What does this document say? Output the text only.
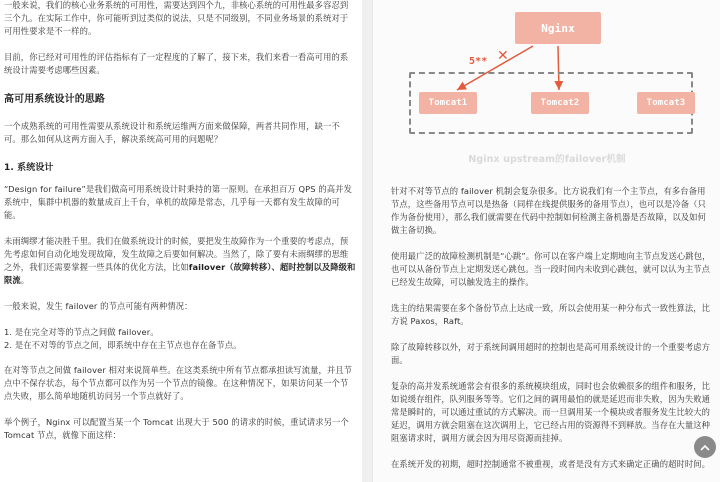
一般来说，我们的核心业务系统的可用性，需要达到四个九，非核心系统的可用性最多容忍到三个九。在实际工作中，你可能听到过类似的说法，只是不同级别，不同业务场景的系统对于可用性要求是不一样的。

目前，你已经对可用性的评估指标有了一定程度的了解了，接下来，我们来看一看高可用的系统设计需要考虑哪些因素。

高可用系统设计的思路

一个成熟系统的可用性需要从系统设计和系统运维两方面来做保障，两者共同作用，缺一不可。那么如何从这两方面入手，解决系统高可用的问题呢？

1. 系统设计

“Design for failure”是我们做高可用系统设计时秉持的第一原则。在承担百万 QPS 的高并发系统中，集群中机器的数量成百上千台，单机的故障是常态，几乎每一天都有发生故障的可能。

未雨绸缪才能决胜千里。我们在做系统设计的时候，要把发生故障作为一个重要的考虑点，预先考虑如何自动化地发现故障，发生故障之后要如何解决。当然了，除了要有未雨绸缪的思维之外，我们还需要掌握一些具体的优化方法，比如failover（故障转移）、超时控制以及降级和限流。

一般来说，发生 failover 的节点可能有两种情况：

1. 是在完全对等的节点之间做 failover。
2. 是在不对等的节点之间，即系统中存在主节点也存在备节点。

在对等节点之间做 failover 相对来说简单些。在这类系统中所有节点都承担读写流量，并且节点中不保存状态，每个节点都可以作为另一个节点的镜像。在这种情况下，如果访问某一个节点失败，那么简单地随机访问另一个节点就好了。

举个例子，Nginx 可以配置当某一个 Tomcat 出现大于 500 的请求的时候，重试请求另一个 Tomcat 节点，就像下面这样：

Nginx
Tomcat1	Tomcat2	Tomcat3
5** ✕
Nginx upstream的failover机制

针对不对等节点的 failover 机制会复杂很多。比方说我们有一个主节点，有多台备用节点，这些备用节点可以是热备（同样在线提供服务的备用节点），也可以是冷备（只作为备份使用），那么我们就需要在代码中控制如何检测主备机器是否故障，以及如何做主备切换。

使用最广泛的故障检测机制是“心跳”。你可以在客户端上定期地向主节点发送心跳包，也可以从备份节点上定期发送心跳包。当一段时间内未收到心跳包，就可以认为主节点已经发生故障，可以触发选主的操作。

选主的结果需要在多个备份节点上达成一致，所以会使用某一种分布式一致性算法，比方说 Paxos，Raft。

除了故障转移以外，对于系统间调用超时的控制也是高可用系统设计的一个重要考虑方面。

复杂的高并发系统通常会有很多的系统模块组成，同时也会依赖很多的组件和服务，比如说缓存组件，队列服务等等。它们之间的调用最怕的就是延迟而非失败，因为失败通常是瞬时的，可以通过重试的方式解决。而一旦调用某一个模块或者服务发生比较大的延迟，调用方就会阻塞在这次调用上，它已经占用的资源得不到释放。当存在大量这种阻塞请求时，调用方就会因为用尽资源而挂掉。

在系统开发的初期，超时控制通常不被重视，或者是没有方式来确定正确的超时时间。
